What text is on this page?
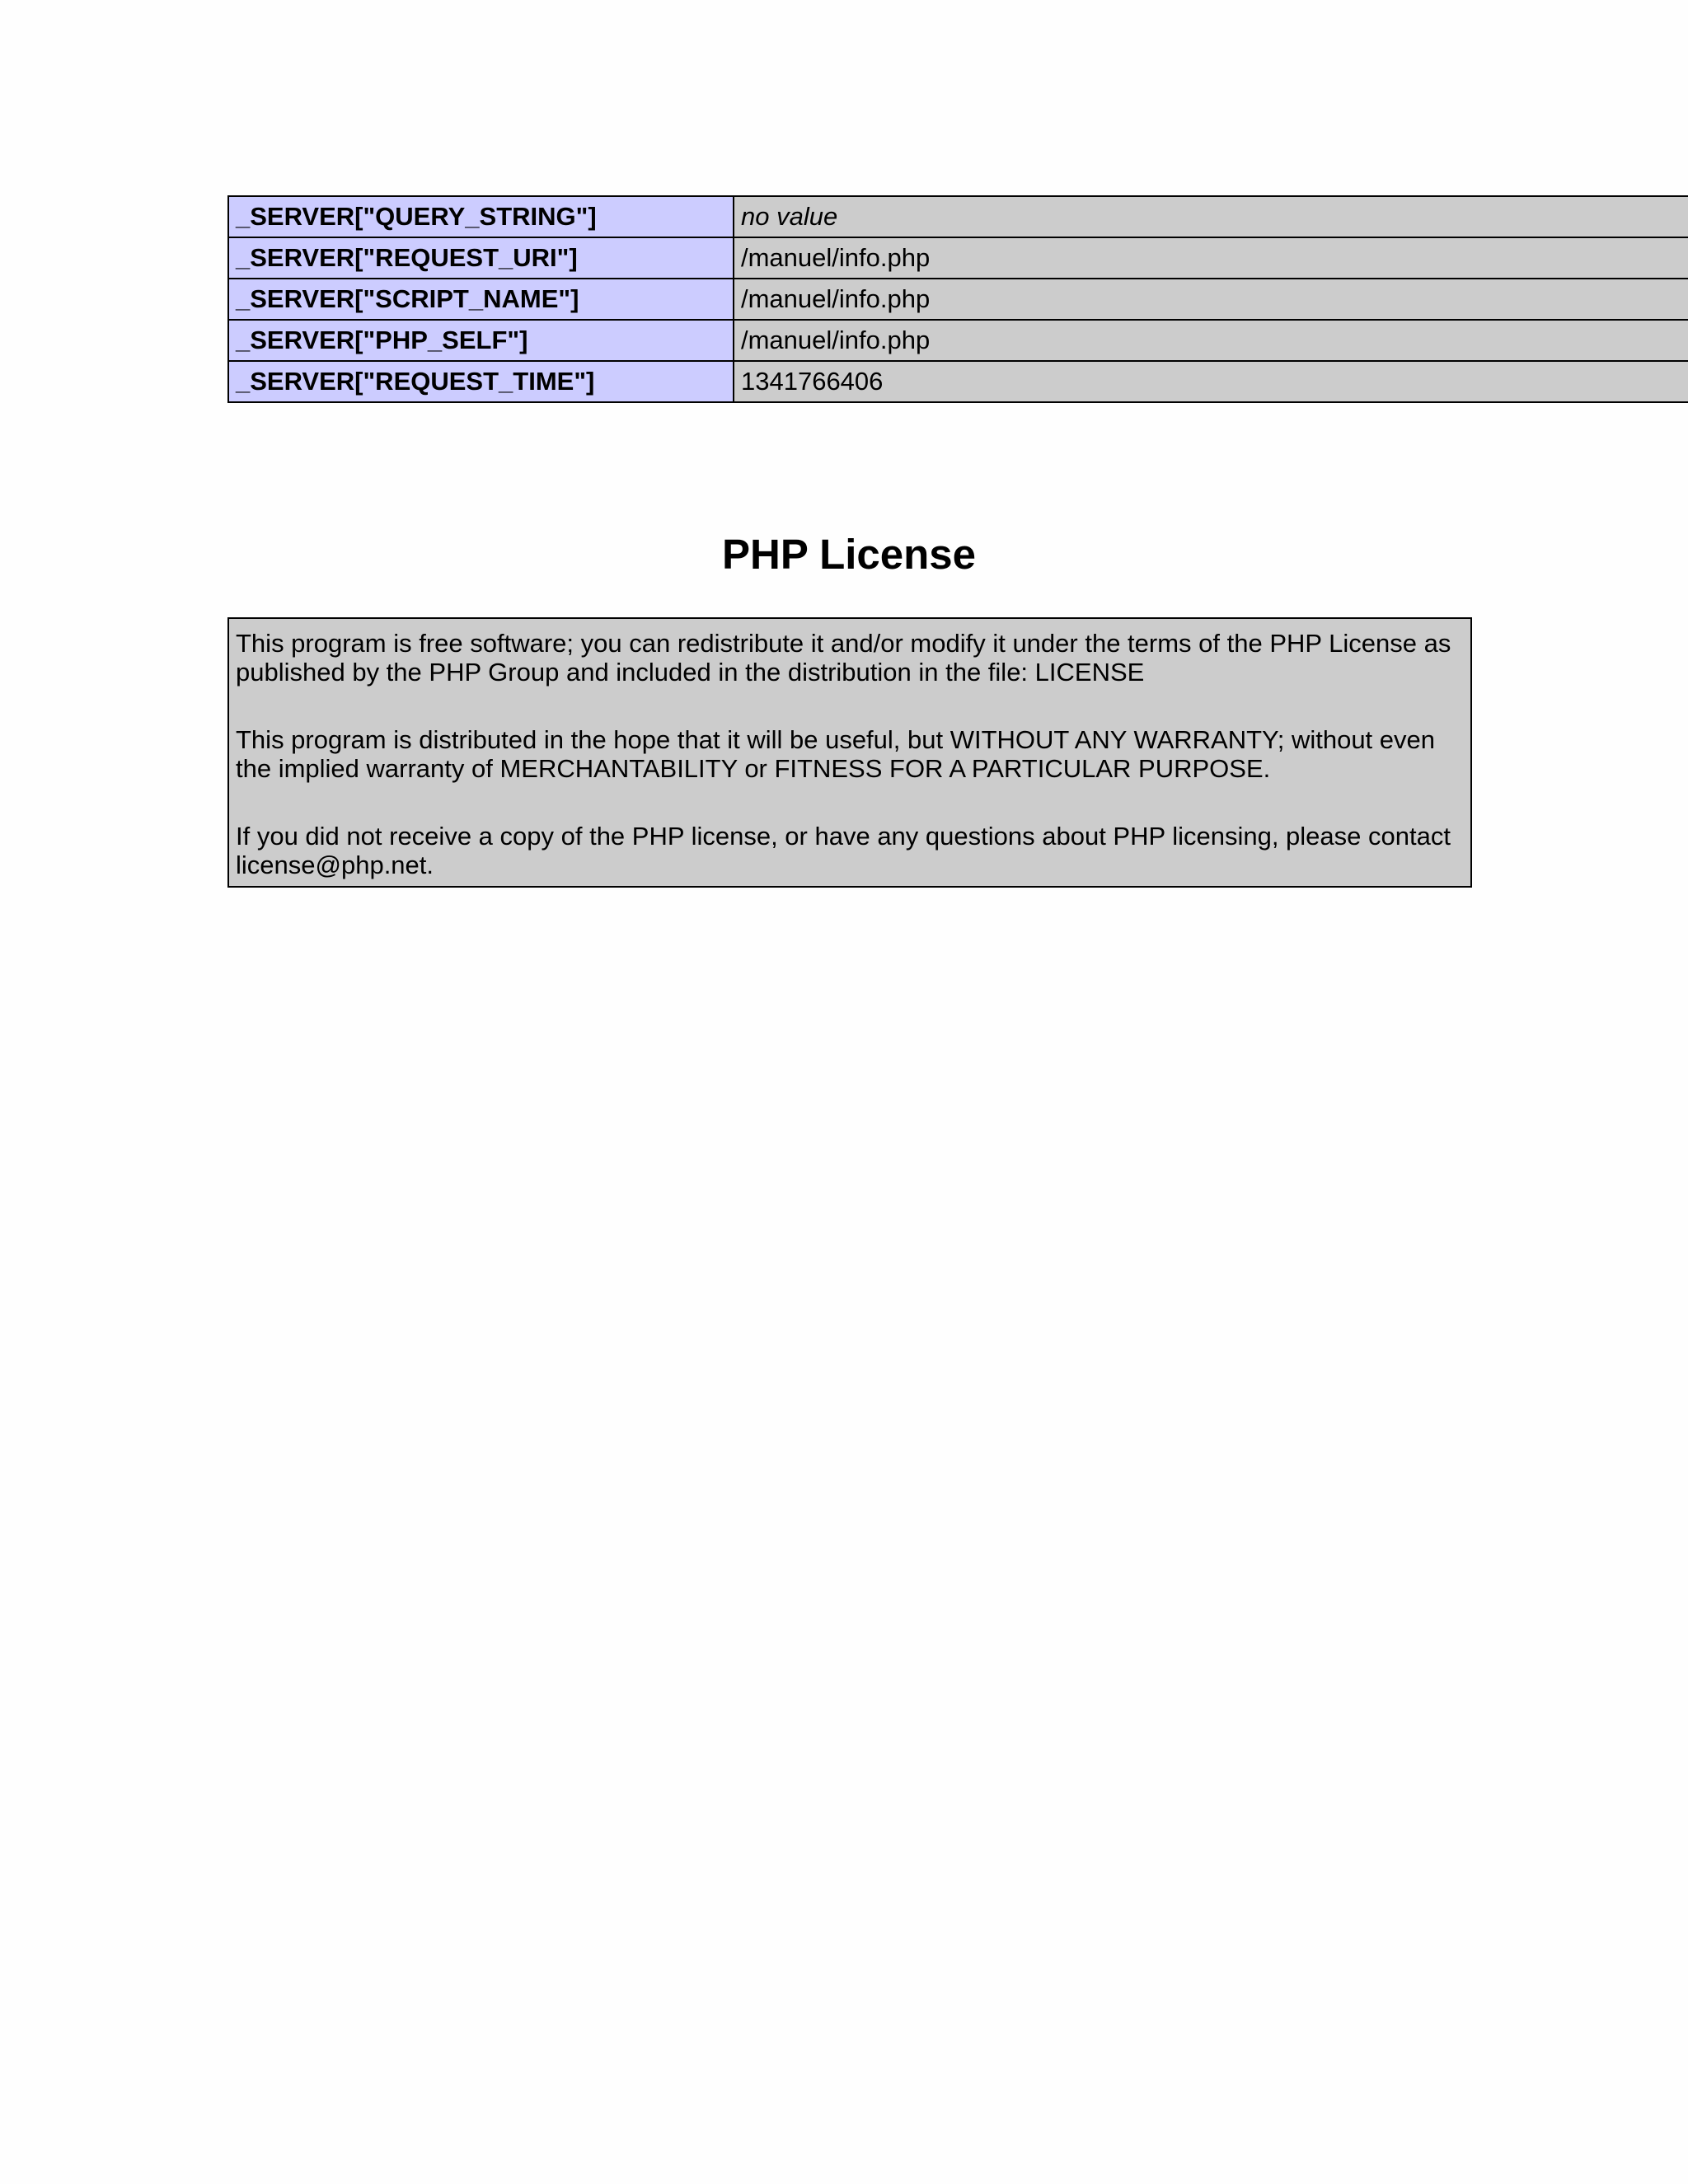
_SERVER["QUERY_STRING"]	no value
_SERVER["REQUEST_URI"]	/manuel/info.php
_SERVER["SCRIPT_NAME"]	/manuel/info.php
_SERVER["PHP_SELF"]	/manuel/info.php
_SERVER["REQUEST_TIME"]	1341766406
PHP License

This program is free software; you can redistribute it and/or modify it under the terms of the PHP License as published by the PHP Group and included in the distribution in the file: LICENSE

This program is distributed in the hope that it will be useful, but WITHOUT ANY WARRANTY; without even the implied warranty of MERCHANTABILITY or FITNESS FOR A PARTICULAR PURPOSE.

If you did not receive a copy of the PHP license, or have any questions about PHP licensing, please contact license@php.net.
